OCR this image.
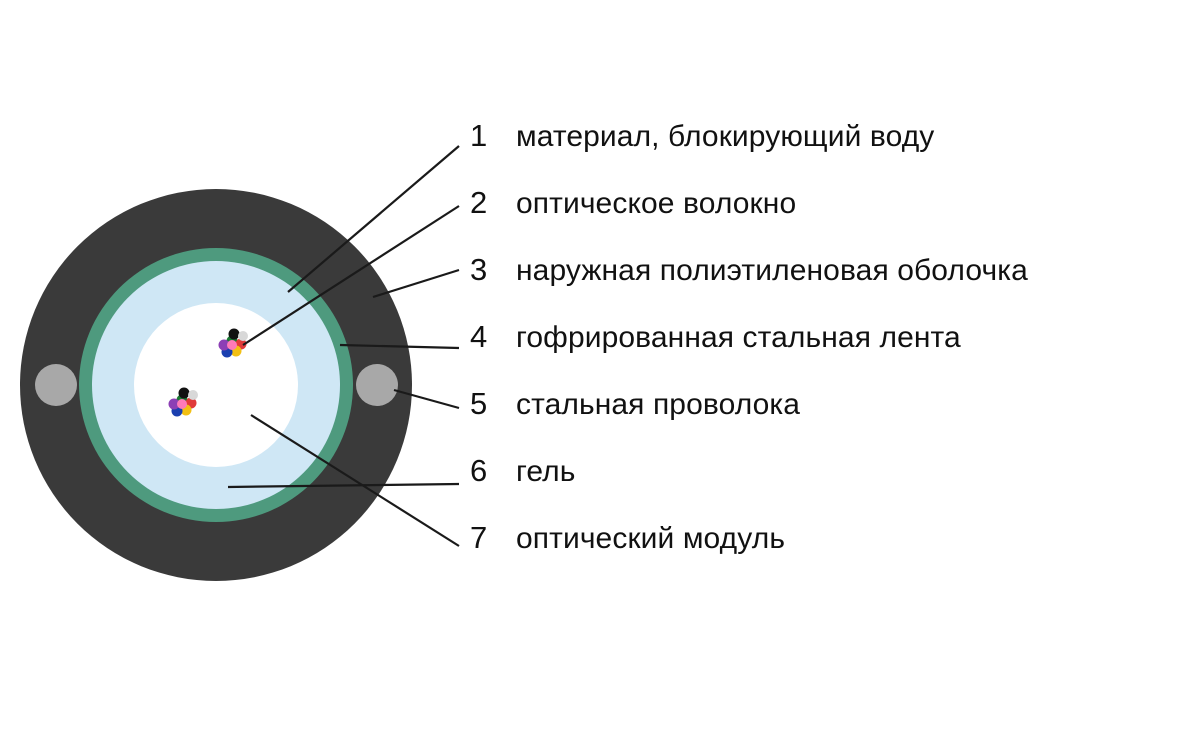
1 материал, блокирующий воду
2 оптическое волокно
3 наружная полиэтиленовая оболочка
4 гофрированная стальная лента
5 стальная проволока
6 гель
7 оптический модуль
